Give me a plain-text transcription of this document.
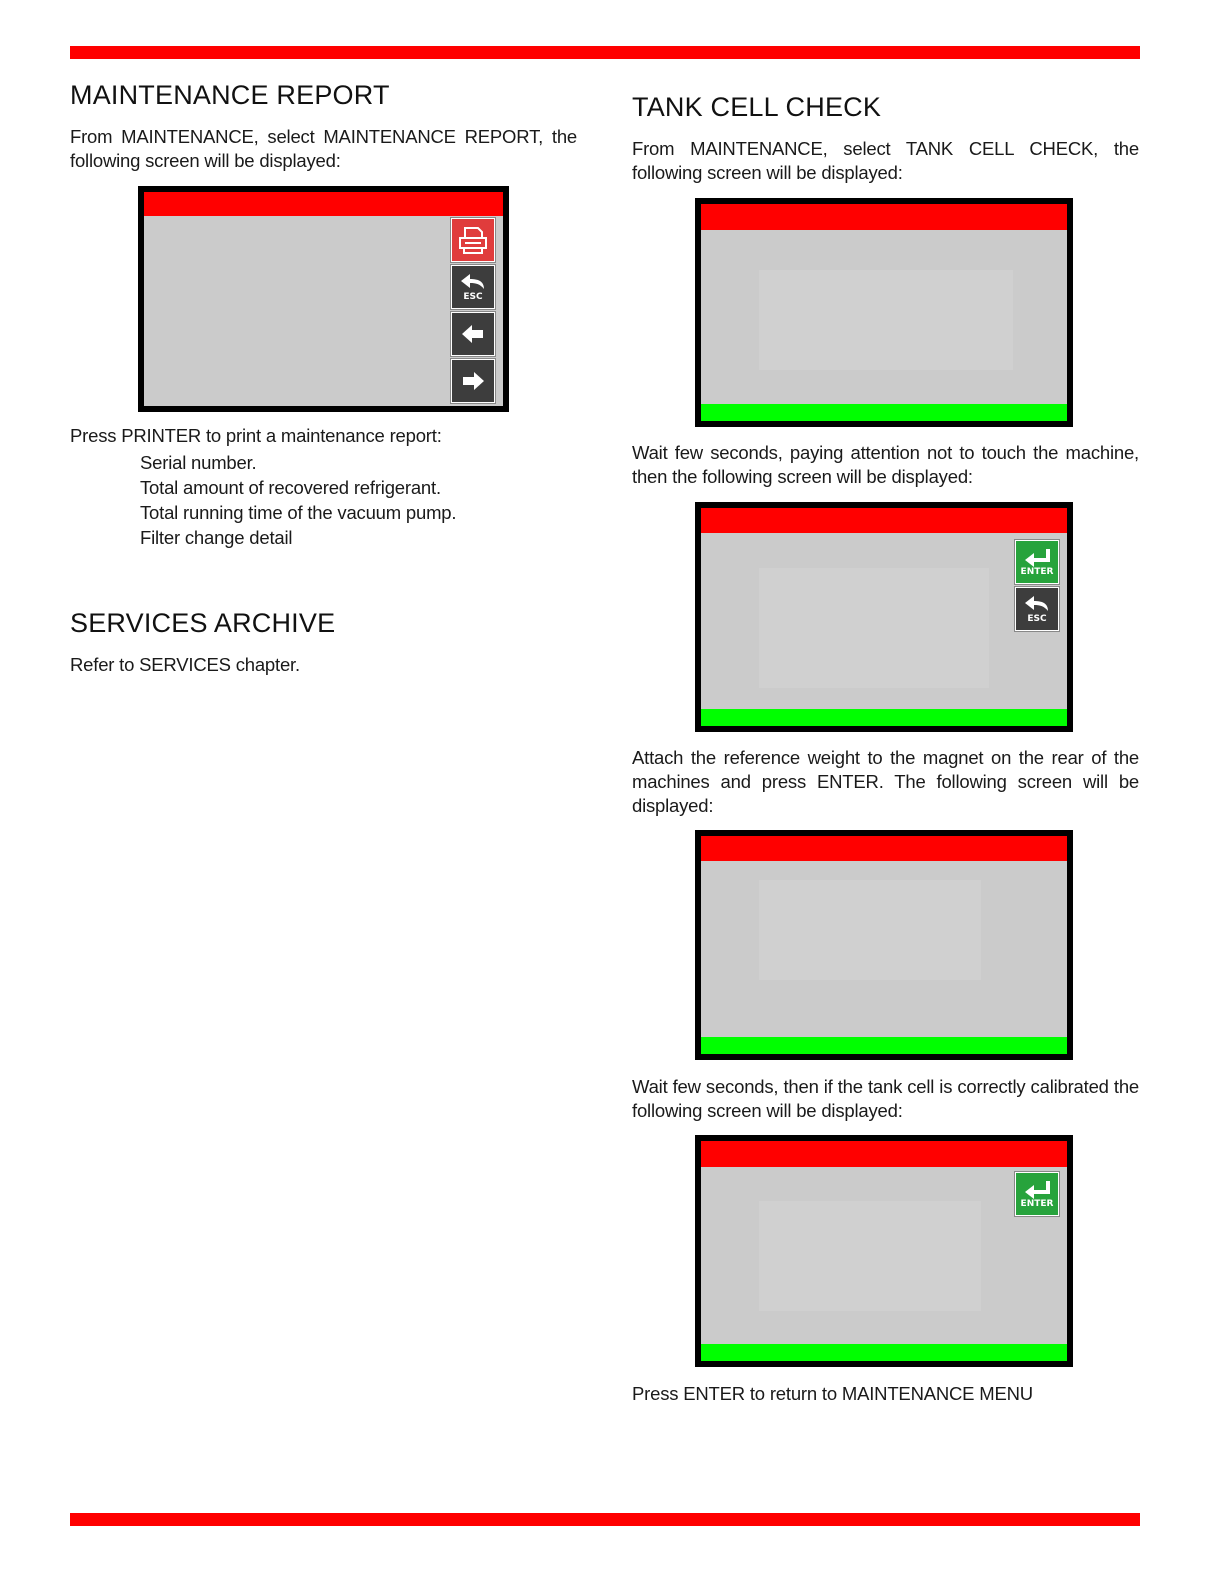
MAINTENANCE REPORT

From MAINTENANCE, select MAINTENANCE REPORT, the following screen will be displayed:

ESC

Press PRINTER to print a maintenance report:

Serial number.
Total amount of recovered refrigerant.
Total running time of the vacuum pump.
Filter change detail
SERVICES ARCHIVE

Refer to SERVICES chapter.

TANK CELL CHECK

From MAINTENANCE, select TANK CELL CHECK, the following screen will be displayed:

Wait few seconds, paying attention not to touch the machine, then the following screen will be displayed:

ENTER
ESC

Attach the reference weight to the magnet on the rear of the machines and press ENTER. The following screen will be displayed:

Wait few seconds, then if the tank cell is correctly calibrated the following screen will be displayed:

ENTER

Press ENTER to return to MAINTENANCE MENU
